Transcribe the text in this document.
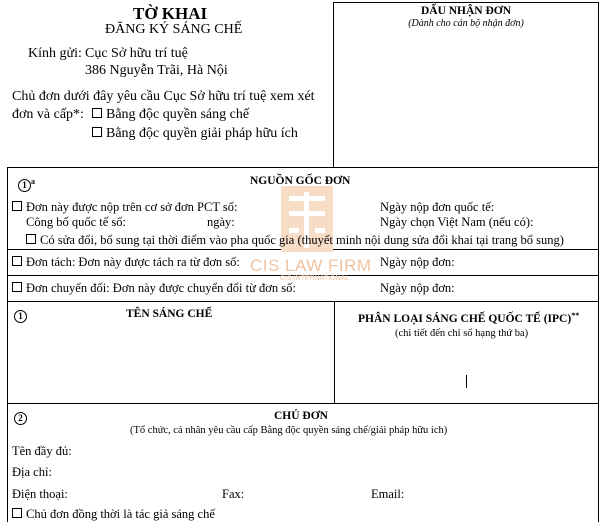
CIS LAW FIRM
CIS INTERNATIONAL
TỜ KHAI
ĐĂNG KÝ SÁNG CHẾ
Kính gửi: Cục Sở hữu trí tuệ
386 Nguyễn Trãi, Hà Nội
Chủ đơn dưới đây yêu cầu Cục Sở hữu trí tuệ xem xét
đơn và cấp*:	Bằng độc quyền sáng chế
Bằng độc quyền giải pháp hữu ích
DẤU NHẬN ĐƠN
(Dành cho cán bộ nhận đơn)
1 $^a$	NGUỒN GỐC ĐƠN
Đơn này được nộp trên cơ sở đơn PCT số:	Ngày nộp đơn quốc tế:
Công bố quốc tế số:	ngày:	Ngày chọn Việt Nam (nếu có):
Có sửa đổi, bổ sung tại thời điểm vào pha quốc gia (thuyết minh nội dung sửa đổi khai tại trang bổ sung)
Đơn tách: Đơn này được tách ra từ đơn số:	Ngày nộp đơn:
Đơn chuyển đổi: Đơn này được chuyển đổi từ đơn số:	Ngày nộp đơn:
1	TÊN SÁNG CHẾ	PHÂN LOẠI SÁNG CHẾ QUỐC TẾ (IPC)**
(chi tiết đến chỉ số hạng thứ ba)
2	CHỦ ĐƠN
(Tổ chức, cá nhân yêu cầu cấp Bằng độc quyền sáng chế/giải pháp hữu ích)
Tên đầy đủ:
Địa chỉ:
Điện thoại:	Fax:	Email:
Chủ đơn đồng thời là tác giả sáng chế
